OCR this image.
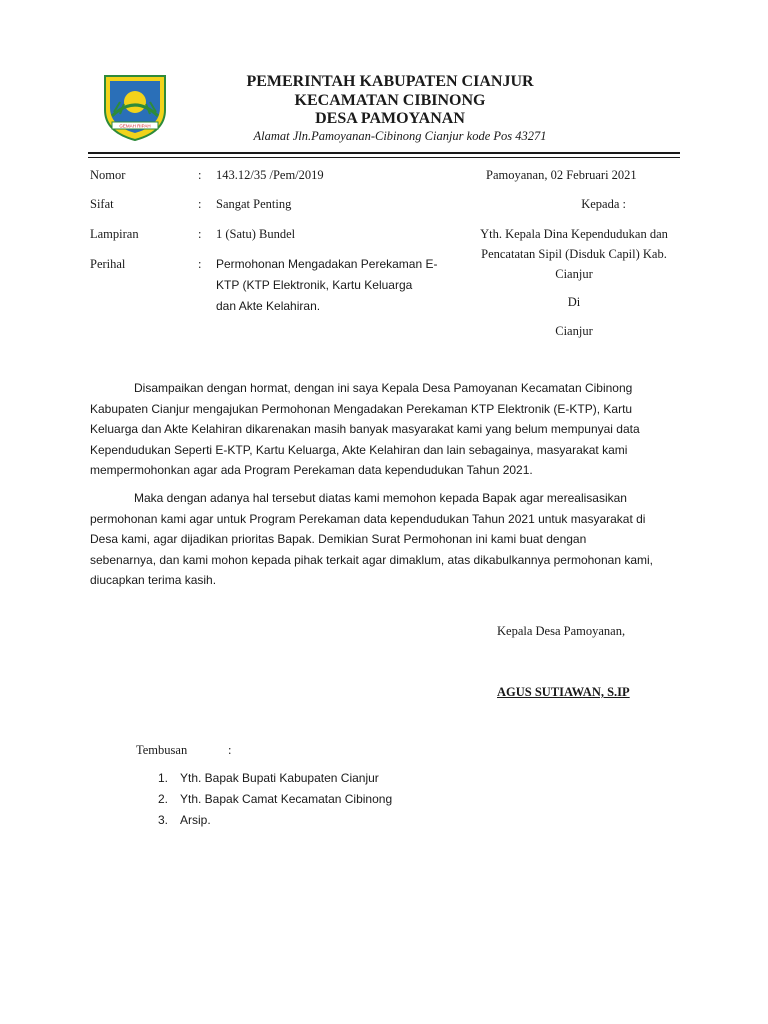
GEMAH RIPAH
PEMERINTAH KABUPATEN CIANJUR
KECAMATAN CIBINONG
DESA PAMOYANAN
Alamat Jln.Pamoyanan-Cibinong Cianjur kode Pos 43271
Nomor	: 143.12/35 /Pem/2019
Sifat	: Sangat Penting
Lampiran	: 1 (Satu) Bundel
Perihal	: Permohonan Mengadakan Perekaman E-
KTP (KTP Elektronik, Kartu Keluarga
dan Akte Kelahiran.
Pamoyanan, 02 Februari 2021
Kepada :
Yth. Kepala Dina Kependudukan dan
Pencatatan Sipil (Disduk Capil) Kab.
Cianjur
Di
Cianjur
Disampaikan dengan hormat, dengan ini saya Kepala Desa Pamoyanan Kecamatan Cibinong
Kabupaten Cianjur mengajukan Permohonan Mengadakan Perekaman KTP Elektronik (E-KTP), Kartu
Keluarga dan Akte Kelahiran dikarenakan masih banyak masyarakat kami yang belum mempunyai data
Kependudukan Seperti E-KTP, Kartu Keluarga, Akte Kelahiran dan lain sebagainya, masyarakat kami
mempermohonkan agar ada Program Perekaman data kependudukan Tahun 2021.
Maka dengan adanya hal tersebut diatas kami memohon kepada Bapak agar merealisasikan
permohonan kami agar untuk Program Perekaman data kependudukan Tahun 2021 untuk masyarakat di
Desa kami, agar dijadikan prioritas Bapak. Demikian Surat Permohonan ini kami buat dengan
sebenarnya, dan kami mohon kepada pihak terkait agar dimaklum, atas dikabulkannya permohonan kami,
diucapkan terima kasih.
Kepala Desa Pamoyanan,
AGUS SUTIAWAN, S.IP
Tembusan	:
1. Yth. Bapak Bupati Kabupaten Cianjur
2. Yth. Bapak Camat Kecamatan Cibinong
3. Arsip.
